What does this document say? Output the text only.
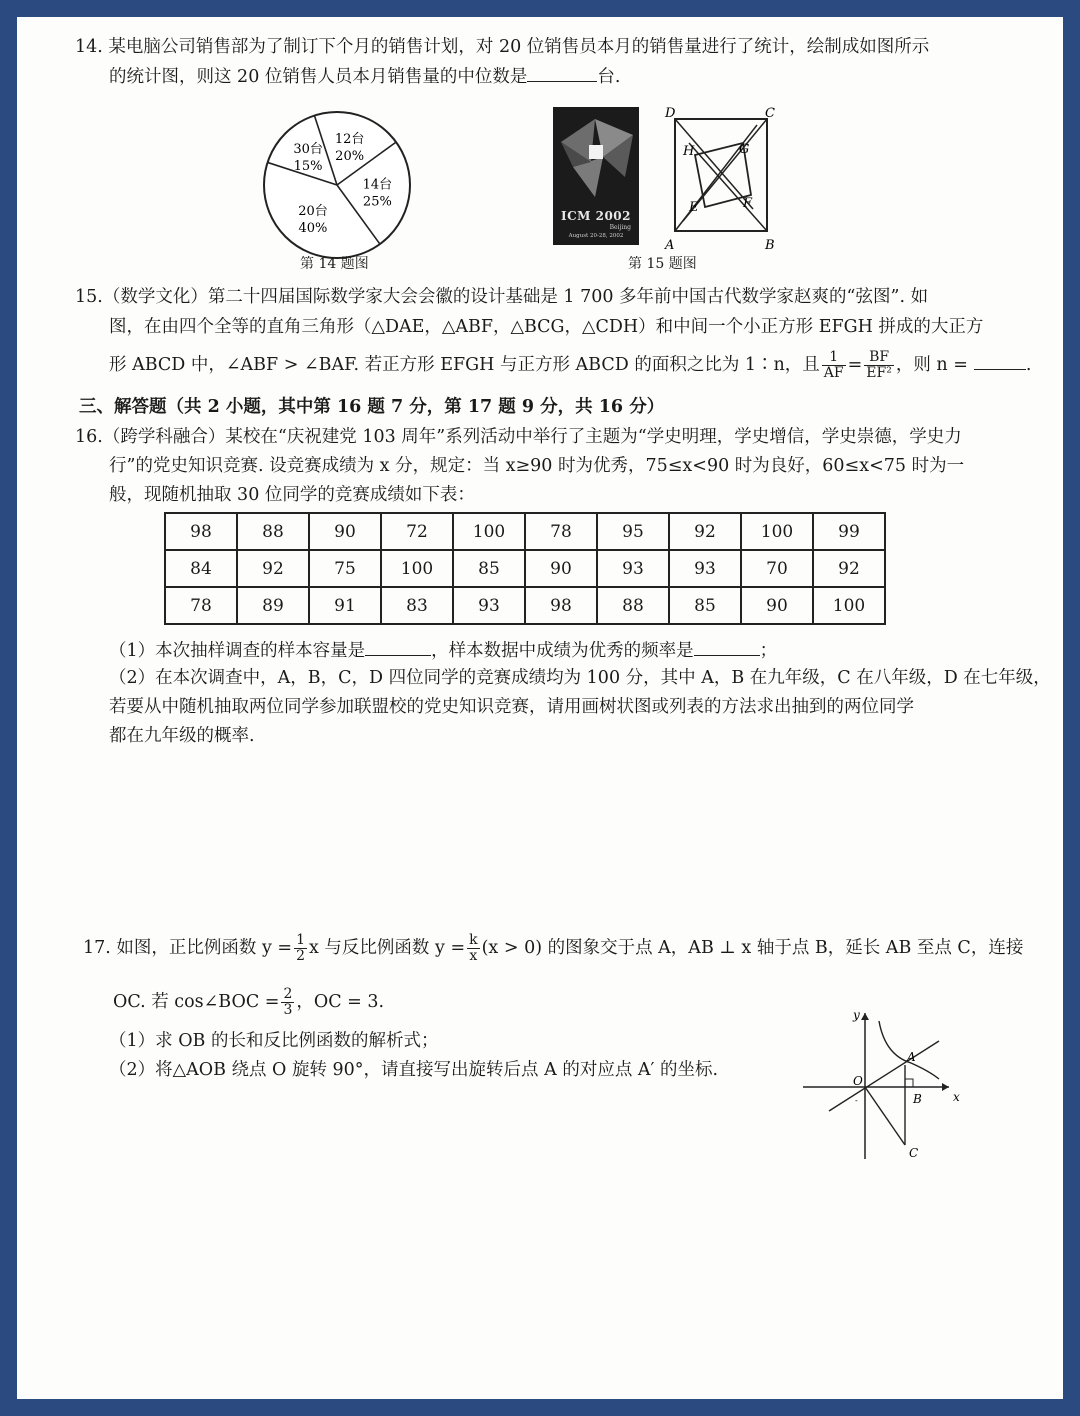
14. 某电脑公司销售部为了制订下个月的销售计划，对 20 位销售员本月的销售量进行了统计，绘制成如图所示
的统计图，则这 20 位销售人员本月销售量的中位数是	台.
30台
15%
12台
20%
14台
25%
20台
40%
第 14 题图
ICM 2002
Beijing
August 20-28, 2002
D	C
H	G
E	F
A	B
第 15 题图
15.（数学文化）第二十四届国际数学家大会会徽的设计基础是 1 700 多年前中国古代数学家赵爽的“弦图”. 如
图，在由四个全等的直角三角形（△DAE，△ABF，△BCG，△CDH）和中间一个小正方形 EFGH 拼成的大正方
形 ABCD 中，∠ABF > ∠BAF. 若正方形 EFGH 与正方形 ABCD 的面积之比为 1∶n，且 $\frac{1}{AF} = \frac{BF}{\text{EF²}}$ ，则 n =	.
三、解答题（共 2 小题，其中第 16 题 7 分，第 17 题 9 分，共 16 分）
16.（跨学科融合）某校在“庆祝建党 103 周年”系列活动中举行了主题为“学史明理，学史增信，学史崇德，学史力
行”的党史知识竞赛. 设竞赛成绩为 x 分，规定：当 x≥90 时为优秀，75≤x<90 时为良好，60≤x<75 时为一
般，现随机抽取 30 位同学的竞赛成绩如下表：
98	88	90	72	100	78	95	92	100	99
84	92	75	100	85	90	93	93	70	92
78	89	91	83	93	98	88	85	90	100
（1）本次抽样调查的样本容量是	，样本数据中成绩为优秀的频率是	；
（2）在本次调查中，A，B，C，D 四位同学的竞赛成绩均为 100 分，其中 A，B 在九年级，C 在八年级，D 在七年级，
若要从中随机抽取两位同学参加联盟校的党史知识竞赛，请用画树状图或列表的方法求出抽到的两位同学
都在九年级的概率.
17. 如图，正比例函数 $y = \frac{1}{2}$ x 与反比例函数 $y = \frac{k}{x} (x > 0)$ 的图象交于点 A，AB ⊥ x 轴于点 B，延长 AB 至点 C，连接
OC. 若 cos∠BOC = $\frac{2}{3}$ ，OC = 3.
（1）求 OB 的长和反比例函数的解析式；
（2）将△AOB 绕点 O 旋转 90°，请直接写出旋转后点 A 的对应点 A′ 的坐标.
-
y
x
O
A
B
C
